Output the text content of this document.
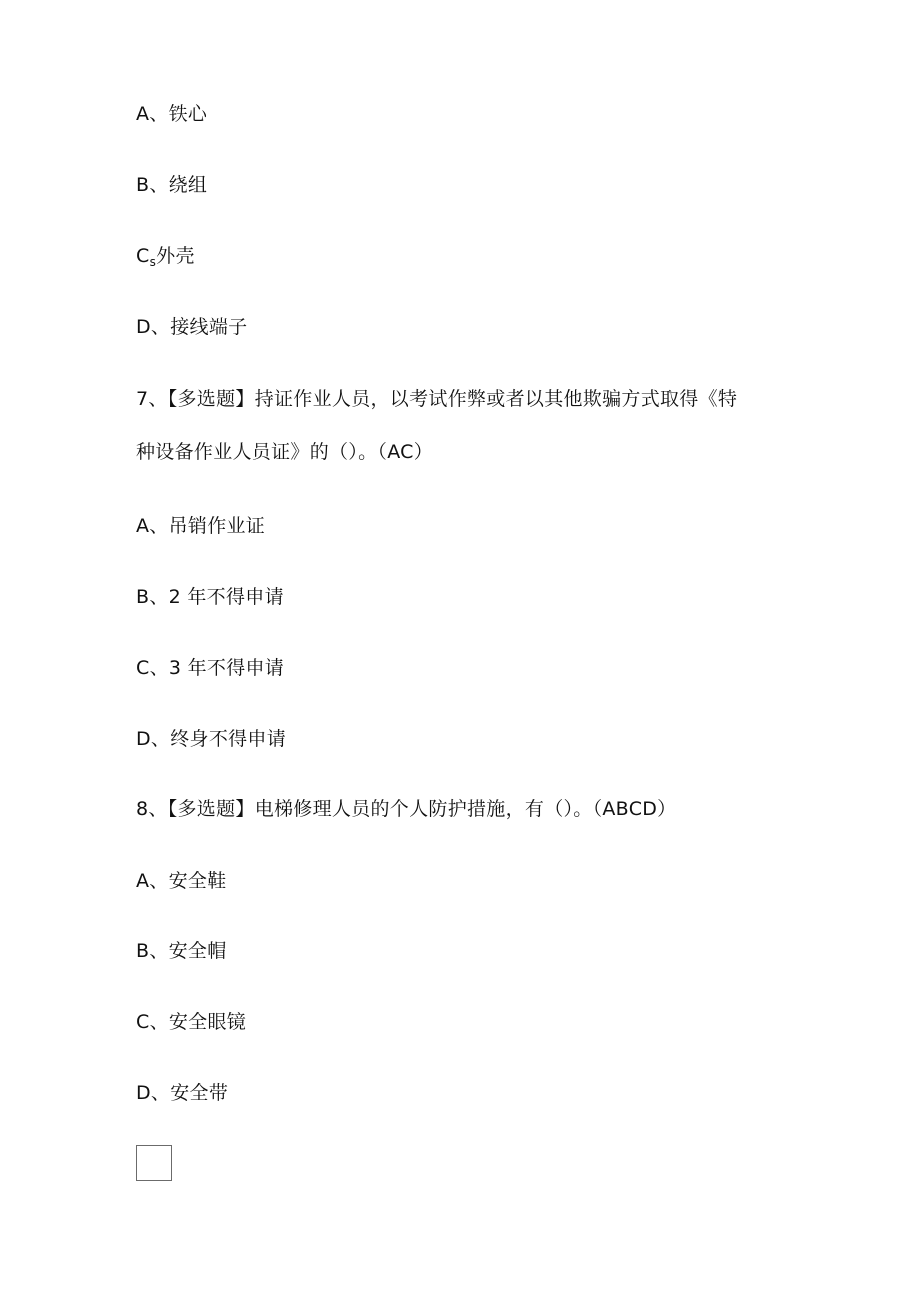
A、铁心
B、绕组
$C_s$外壳
D、接线端子
7、【多选题】持证作业人员，以考试作弊或者以其他欺骗方式取得《特
种设备作业人员证》的（）。（AC）
A、吊销作业证
B、2 年不得申请
C、3 年不得申请
D、终身不得申请
8、【多选题】电梯修理人员的个人防护措施，有（）。（ABCD）
A、安全鞋
B、安全帽
C、安全眼镜
D、安全带
